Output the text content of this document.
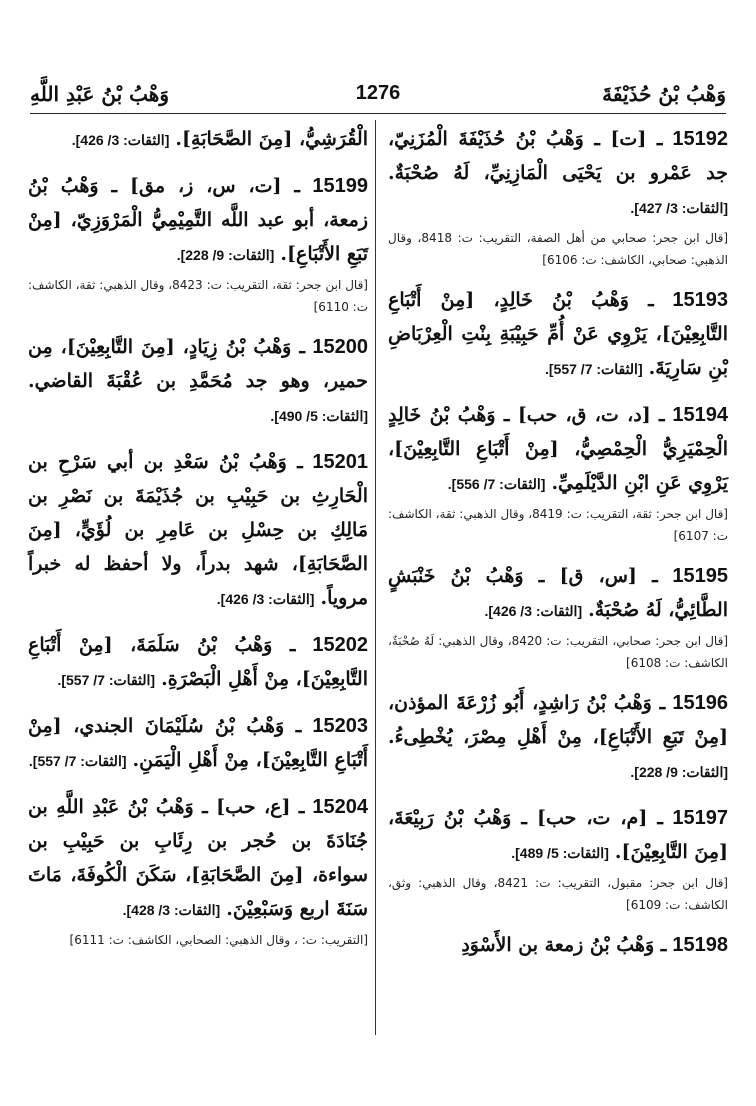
وَهْبُ بْنُ حُذَيْفَةَ
1276
وَهْبُ بْنُ عَبْدِ اللَّهِ
15192 ـ [ت] ـ وَهْبُ بْنُ حُذَيْفَةَ الْمُزَنِيّ، جد عَمْرو بن يَحْيَى الْمَازِنِيِّ، لَهُ صُحْبَةٌ. [الثقات: 3/ 427].
[قال ابن جحر: صحابي من أهل الصفة، التقريب: ت: 8418، وقال الذهبي: صحابي، الكاشف: ت: 6106]
15193 ـ وَهْبُ بْنُ خَالِدٍ، [مِنْ أَتْبَاعِ التَّابِعِيْنَ]، يَرْوِي عَنْ أُمِّ حَبِيْبَةِ بِنْتِ الْعِرْبَاضِ بْنِ سَارِيَةَ. [الثقات: 7/ 557].
15194 ـ [د، ت، ق، حب] ـ وَهْبُ بْنُ خَالِدٍ الْحِمْيَرِيُّ الْحِمْصِيُّ، [مِنْ أَتْبَاعِ التَّابِعِيْنَ]، يَرْوِي عَنِ ابْنِ الدَّيْلَمِيِّ. [الثقات: 7/ 556].
[قال ابن جحر: ثقة، التقريب: ت: 8419، وقال الذهبي: ثقة، الكاشف: ت: 6107]
15195 ـ [س، ق] ـ وَهْبُ بْنُ خَنْبَشٍ الطَّائِيُّ، لَهُ صُحْبَةٌ. [الثقات: 3/ 426].
[قال ابن جحر: صحابي، التقريب: ت: 8420، وقال الذهبي: لَهُ صُحْبَةٌ، الكاشف: ت: 6108]
15196 ـ وَهْبُ بْنُ رَاشِدٍ، أَبُو زُرْعَةَ المؤذن، [مِنْ تَبَعِ الأَتْبَاعِ]، مِنْ أَهْلِ مِصْرَ، يُخْطِىءُ. [الثقات: 9/ 228].
15197 ـ [م، ت، حب] ـ وَهْبُ بْنُ رَبِيْعَةَ، [مِنَ التَّابِعِيْنَ]. [الثقات: 5/ 489].
[قال ابن جحر: مقبول، التقريب: ت: 8421، وقال الذهبي: وثق، الكاشف: ت: 6109]
15198 ـ وَهْبُ بْنُ زمعة بن الأَسْوَدِ
الْقُرَشِيُّ، [مِنَ الصَّحَابَةِ]. [الثقات: 3/ 426].
15199 ـ [ت، س، ز، مق] ـ وَهْبُ بْنُ زمعة، أبو عبد اللَّه التَّمِيْمِيُّ الْمَرْوَزِيّ، [مِنْ تَبَعِ الأَتْبَاعِ]. [الثقات: 9/ 228].
[قال ابن جحر: ثقة، التقريب: ت: 8423، وقال الذهبي: ثقة، الكاشف: ت: 6110]
15200 ـ وَهْبُ بْنُ زِيَادٍ، [مِنَ التَّابِعِيْنَ]، مِن حمير، وهو جد مُحَمَّدِ بن عُقْبَةَ القاضي. [الثقات: 5/ 490].
15201 ـ وَهْبُ بْنُ سَعْدِ بن أبي سَرْحِ بن الْحَارِثِ بن حَبِيْبِ بن جُذَيْمَةَ بن نَصْرِ بن مَالِكِ بن حِسْلِ بن عَامِرِ بن لُؤَيٍّ، [مِنَ الصَّحَابَةِ]، شهد بدراً، ولا أحفظ له خبراً مروياً. [الثقات: 3/ 426].
15202 ـ وَهْبُ بْنُ سَلَمَةَ، [مِنْ أَتْبَاعِ التَّابِعِيْنَ]، مِنْ أَهْلِ الْبَصْرَةِ. [الثقات: 7/ 557].
15203 ـ وَهْبُ بْنُ سُلَيْمَانَ الجندي، [مِنْ أَتْبَاعِ التَّابِعِيْنَ]، مِنْ أَهْلِ الْيَمَنِ. [الثقات: 7/ 557].
15204 ـ [ع، حب] ـ وَهْبُ بْنُ عَبْدِ اللَّهِ بن جُنَادَةَ بن حُجر بن رِئَابِ بن حَبِيْبِ بن سواءة، [مِنَ الصَّحَابَةِ]، سَكَنَ الْكُوفَةَ، مَاتَ سَنَةَ اربع وَسَبْعِيْنَ. [الثقات: 3/ 428].
[التقريب: ت: ، وقال الذهبي: الصحابي، الكاشف: ت: 6111]
